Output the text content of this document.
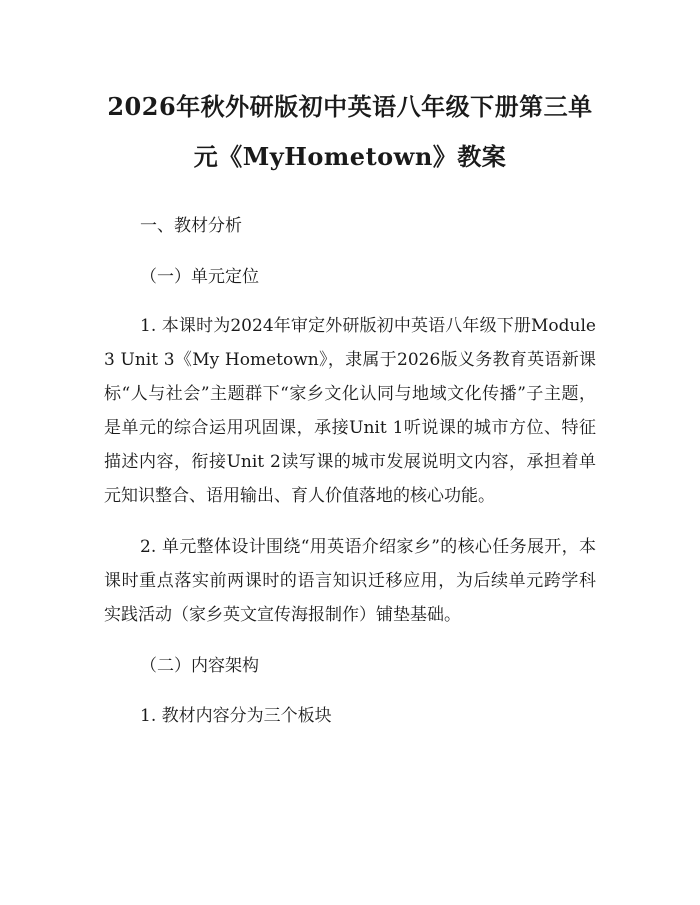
2026年秋外研版初中英语八年级下册第三单
元《MyHometown》教案

一、教材分析

（一）单元定位

1. 本课时为2024年审定外研版初中英语八年级下册Module 3 Unit 3《My Hometown》，隶属于2026版义务教育英语新课标“人与社会”主题群下“家乡文化认同与地域文化传播”子主题，是单元的综合运用巩固课，承接Unit 1听说课的城市方位、特征描述内容，衔接Unit 2读写课的城市发展说明文内容，承担着单元知识整合、语用输出、育人价值落地的核心功能。

2. 单元整体设计围绕“用英语介绍家乡”的核心任务展开，本课时重点落实前两课时的语言知识迁移应用，为后续单元跨学科实践活动（家乡英文宣传海报制作）铺垫基础。

（二）内容架构

1. 教材内容分为三个板块
